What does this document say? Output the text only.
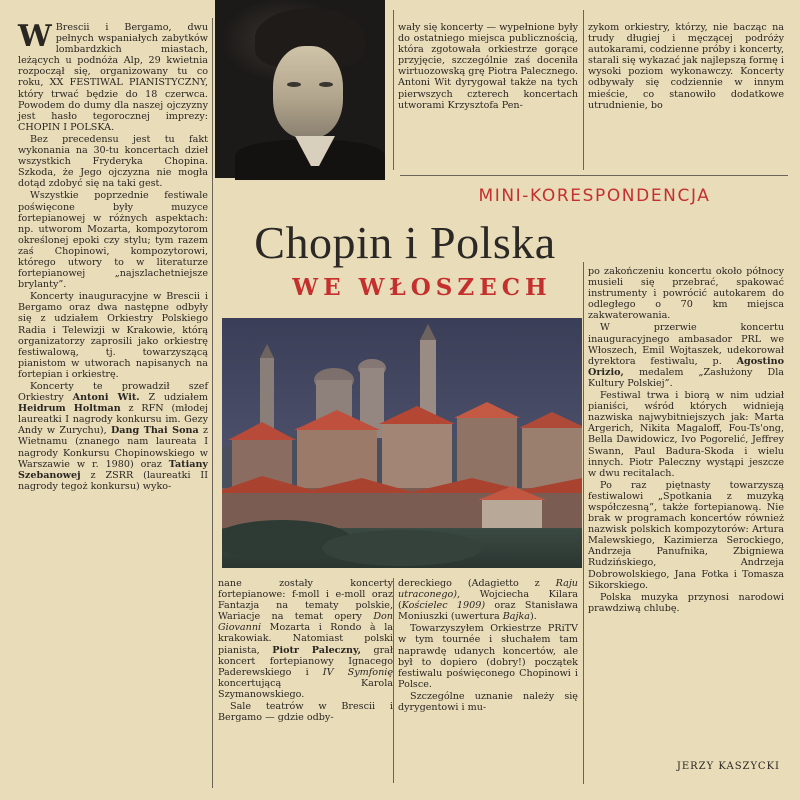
W Brescii i Bergamo, dwu pełnych wspaniałych zabytków lombardzkich miastach, leżących u podnóża Alp, 29 kwietnia rozpoczął się, organizowany tu co roku, XX FESTIWAL PIANISTYCZNY, który trwać będzie do 18 czerwca. Powodem do dumy dla naszej ojczyzny jest hasło tegorocznej imprezy: CHOPIN I POLSKA.

Bez precedensu jest tu fakt wykonania na 30-tu koncertach dzieł wszystkich Fryderyka Chopina. Szkoda, że Jego ojczyzna nie mogła dotąd zdobyć się na taki gest.

Wszystkie poprzednie festiwale poświęcone były muzyce fortepianowej w różnych aspektach: np. utworom Mozarta, kompozytorom określonej epoki czy stylu; tym razem zaś Chopinowi, kompozytorowi, którego utwory to w literaturze fortepianowej „najszlachetniejsze brylanty”.

Koncerty inauguracyjne w Brescii i Bergamo oraz dwa następne odbyły się z udziałem Orkiestry Polskiego Radia i Telewizji w Krakowie, którą organizatorzy zaprosili jako orkiestrę festiwalową, tj. towarzyszącą pianistom w utworach napisanych na fortepian i orkiestrę.

Koncerty te prowadził szef Orkiestry Antoni Wit. Z udziałem Heidrum Holtman z RFN (młodej laureatki I nagrody konkursu im. Gezy Andy w Zurychu), Dang Thai Sona z Wietnamu (znanego nam laureata I nagrody Konkursu Chopinowskiego w Warszawie w r. 1980) oraz Tatiany Szebanowej z ZSRR (laureatki II nagrody tegoż konkursu) wyko-

wały się koncerty — wypełnione były do ostatniego miejsca publicznością, która zgotowała orkiestrze gorące przyjęcie, szczególnie zaś doceniła wirtuozowską grę Piotra Palecznego. Antoni Wit dyrygował także na tych pierwszych czterech koncertach utworami Krzysztofa Pen-

zykom orkiestry, którzy, nie bacząc na trudy długiej i męczącej podróży autokarami, codzienne próby i koncerty, starali się wykazać jak najlepszą formę i wysoki poziom wykonawczy. Koncerty odbywały się codziennie w innym mieście, co stanowiło dodatkowe utrudnienie, bo

MINI-KORESPONDENCJA
Chopin i Polska
WE WŁOSZECH

nane zostały koncerty fortepianowe: f-moll i e-moll oraz Fantazja na tematy polskie, Wariacje na temat opery Don Giovanni Mozarta i Rondo à la krakowiak. Natomiast polski pianista, Piotr Paleczny, grał koncert fortepianowy Ignacego Paderewskiego i IV Symfonię koncertującą Karola Szymanowskiego.

Sale teatrów w Brescii i Bergamo — gdzie odby-

dereckiego (Adagietto z Raju utraconego), Wojciecha Kilara (Kościelec 1909) oraz Stanisława Moniuszki (uwertura Bajka).

Towarzyszyłem Orkiestrze PRiTV w tym tournée i słuchałem tam naprawdę udanych koncertów, ale był to dopiero (dobry!) początek festiwalu poświęconego Chopinowi i Polsce.

Szczególne uznanie należy się dyrygentowi i mu-

po zakończeniu koncertu około północy musieli się przebrać, spakować instrumenty i powrócić autokarem do odległego o 70 km miejsca zakwaterowania.

W przerwie koncertu inauguracyjnego ambasador PRL we Włoszech, Emil Wojtaszek, udekorował dyrektora festiwalu, p. Agostino Orizio, medalem „Zasłużony Dla Kultury Polskiej”.

Festiwal trwa i biorą w nim udział pianiści, wśród których widnieją nazwiska najwybitniejszych jak: Marta Argerich, Nikita Magaloff, Fou-Ts'ong, Bella Dawidowicz, Ivo Pogorelić, Jeffrey Swann, Paul Badura-Skoda i wielu innych. Piotr Paleczny wystąpi jeszcze w dwu recitalach.

Po raz piętnasty towarzyszą festiwalowi „Spotkania z muzyką współczesną”, także fortepianową. Nie brak w programach koncertów również nazwisk polskich kompozytorów: Artura Malewskiego, Kazimierza Serockiego, Andrzeja Panufnika, Zbigniewa Rudzińskiego, Andrzeja Dobrowolskiego, Jana Fotka i Tomasza Sikorskiego.

Polska muzyka przynosi narodowi prawdziwą chlubę.

JERZY KASZYCKI
